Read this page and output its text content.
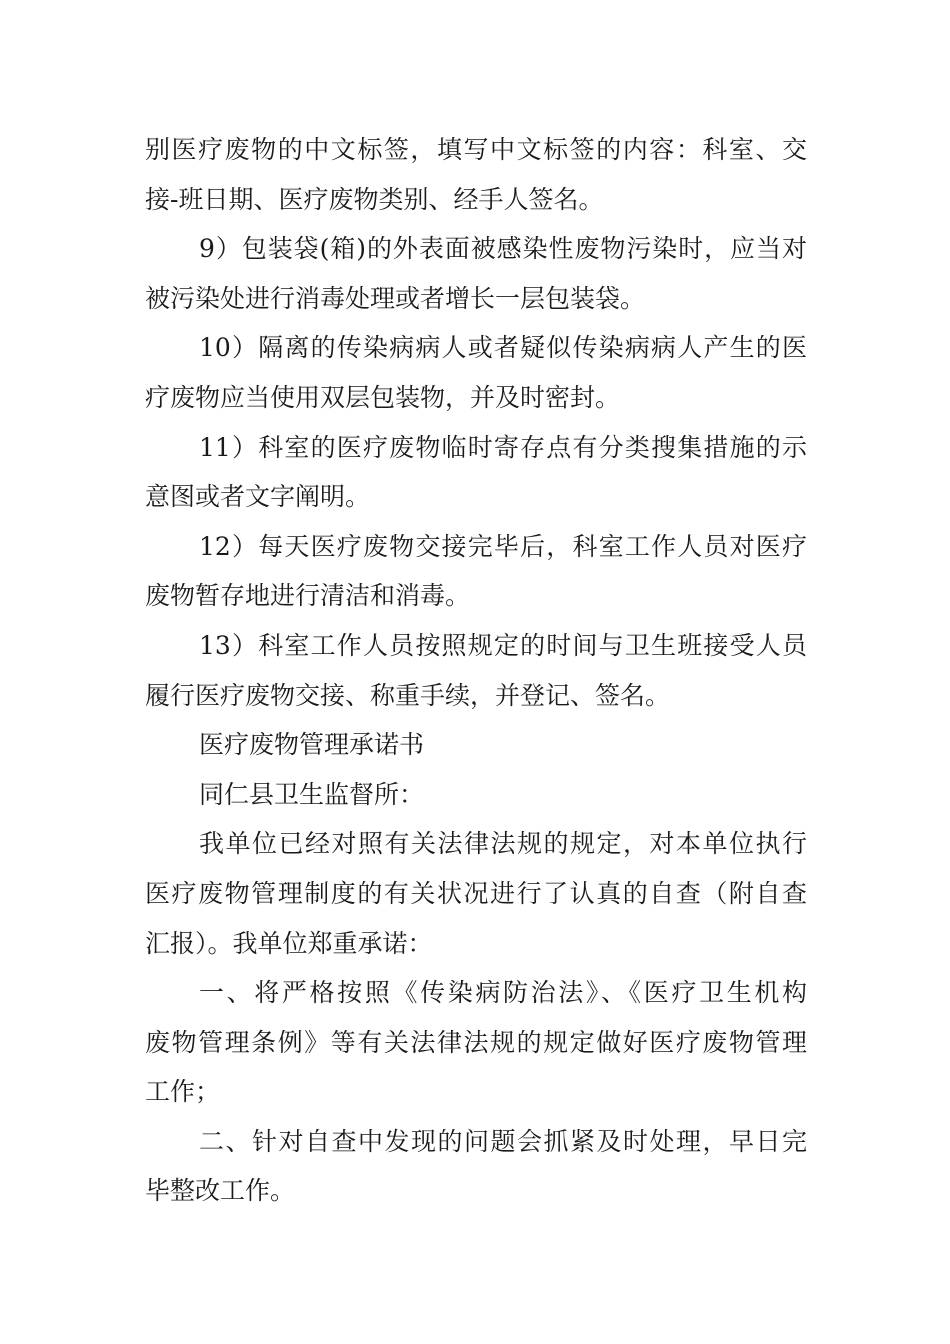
别医疗废物的中文标签，填写中文标签的内容：科室、交
接-班日期、医疗废物类别、经手人签名。
9）包装袋(箱)的外表面被感染性废物污染时，应当对
被污染处进行消毒处理或者增长一层包装袋。
10）隔离的传染病病人或者疑似传染病病人产生的医
疗废物应当使用双层包装物，并及时密封。
11）科室的医疗废物临时寄存点有分类搜集措施的示
意图或者文字阐明。
12）每天医疗废物交接完毕后，科室工作人员对医疗
废物暂存地进行清洁和消毒。
13）科室工作人员按照规定的时间与卫生班接受人员
履行医疗废物交接、称重手续，并登记、签名。
医疗废物管理承诺书
同仁县卫生监督所：
我单位已经对照有关法律法规的规定，对本单位执行
医疗废物管理制度的有关状况进行了认真的自查（附自查
汇报）。我单位郑重承诺：
一、将严格按照《传染病防治法》、《医疗卫生机构
废物管理条例》等有关法律法规的规定做好医疗废物管理
工作；
二、针对自查中发现的问题会抓紧及时处理，早日完
毕整改工作。
